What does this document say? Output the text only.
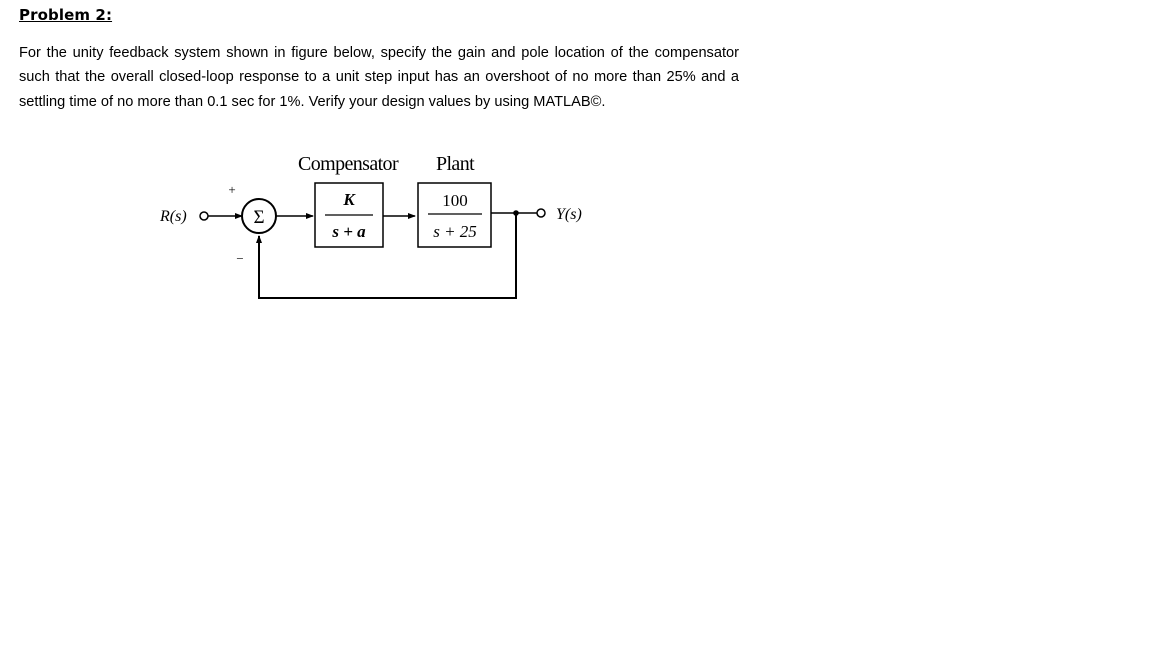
Problem 2:

For the unity feedback system shown in figure below, specify the gain and pole location of the compensator such that the overall closed-loop response to a unit step input has an overshoot of no more than 25% and a settling time of no more than 0.1 sec for 1%. Verify your design values by using MATLAB©.

R(s)	Σ
+
−
Compensator
K
s + a
Plant
100
s + 25
Y(s)
